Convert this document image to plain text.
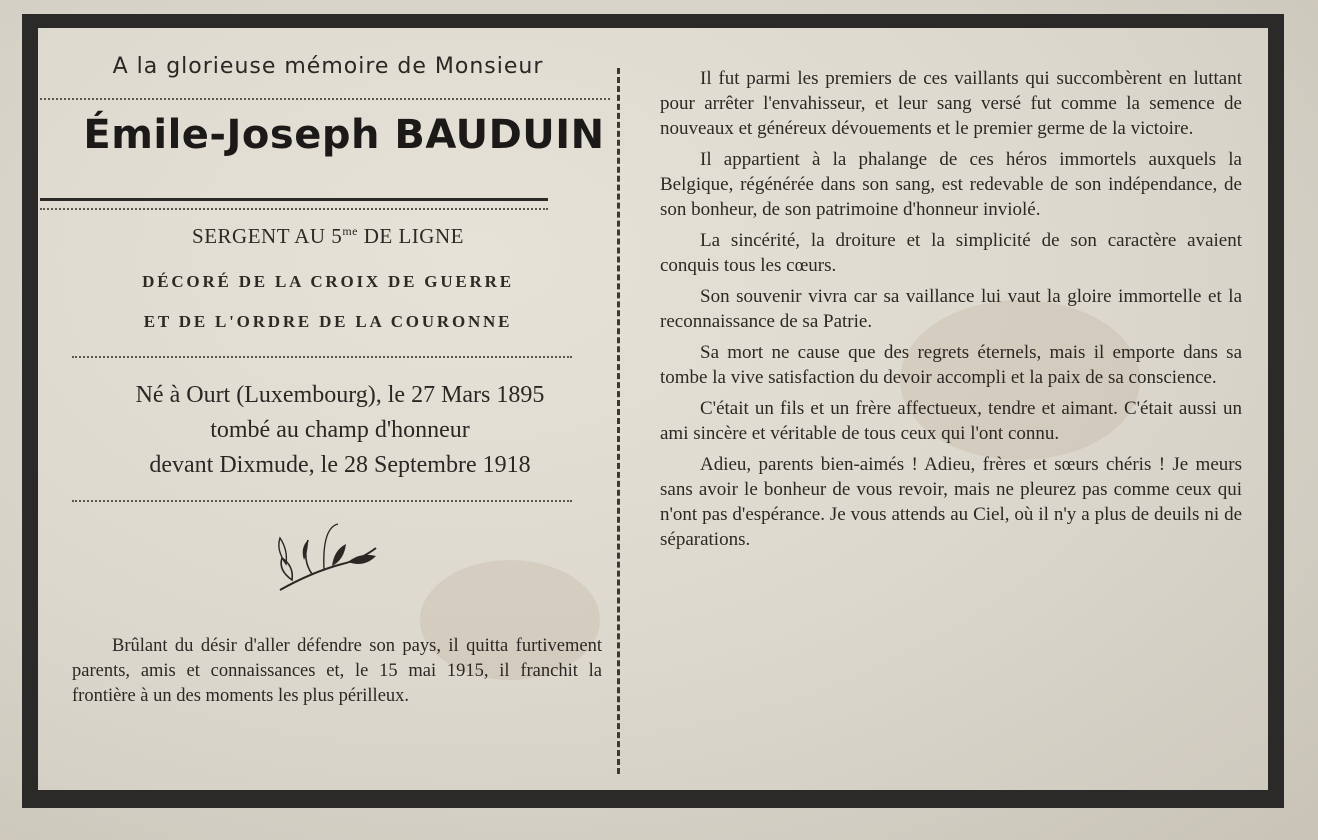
A la glorieuse mémoire de Monsieur
Émile-Joseph BAUDUIN
SERGENT AU $5^{me}$ DE LIGNE
DÉCORÉ DE LA CROIX DE GUERRE
ET DE L'ORDRE DE LA COURONNE
Né à Ourt (Luxembourg), le 27 Mars 1895
tombé au champ d'honneur
devant Dixmude, le 28 Septembre 1918

Brûlant du désir d'aller défendre son pays, il quitta furtivement parents, amis et connaissances et, le 15 mai 1915, il franchit la frontière à un des moments les plus périlleux.

Il fut parmi les premiers de ces vaillants qui succombèrent en luttant pour arrêter l'envahisseur, et leur sang versé fut comme la semence de nouveaux et généreux dévouements et le premier germe de la victoire.

Il appartient à la phalange de ces héros immortels auxquels la Belgique, régénérée dans son sang, est redevable de son indépendance, de son bonheur, de son patrimoine d'honneur inviolé.

La sincérité, la droiture et la simplicité de son caractère avaient conquis tous les cœurs.

Son souvenir vivra car sa vaillance lui vaut la gloire immortelle et la reconnaissance de sa Patrie.

Sa mort ne cause que des regrets éternels, mais il emporte dans sa tombe la vive satisfaction du devoir accompli et la paix de sa conscience.

C'était un fils et un frère affectueux, tendre et aimant. C'était aussi un ami sincère et véritable de tous ceux qui l'ont connu.

Adieu, parents bien-aimés ! Adieu, frères et sœurs chéris ! Je meurs sans avoir le bonheur de vous revoir, mais ne pleurez pas comme ceux qui n'ont pas d'espérance. Je vous attends au Ciel, où il n'y a plus de deuils ni de séparations.
